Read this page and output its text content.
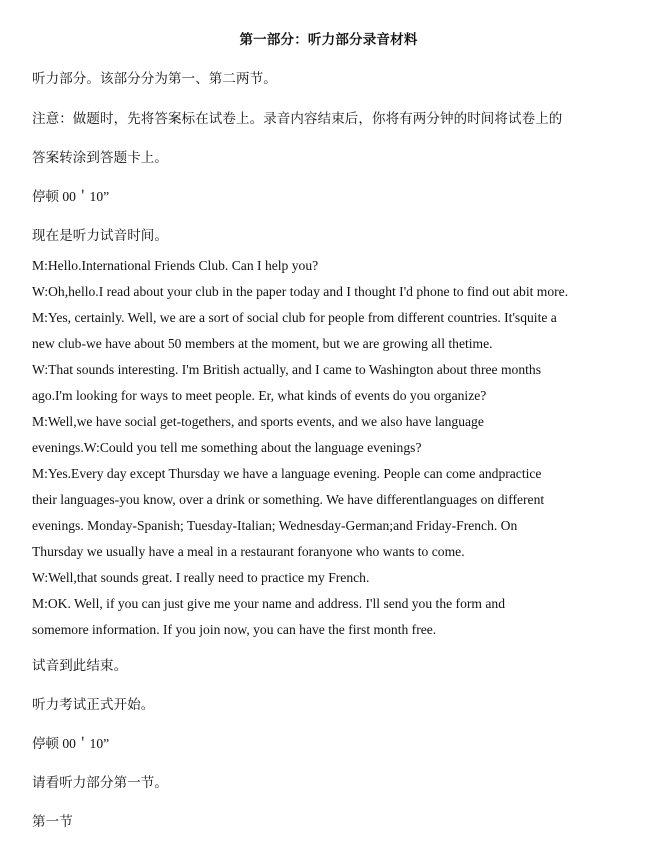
第一部分：听力部分录音材料
听力部分。该部分分为第一、第二两节。
注意：做题时，先将答案标在试卷上。录音内容结束后，你将有两分钟的时间将试卷上的
答案转涂到答题卡上。
停顿 00＇10”
现在是听力试音时间。
M:Hello.International Friends Club. Can I help you?
W:Oh,hello.I read about your club in the paper today and I thought I'd phone to find out abit more.
M:Yes, certainly. Well, we are a sort of social club for people from different countries. It'squite a
new club-we have about 50 members at the moment, but we are growing all thetime.
W:That sounds interesting. I'm British actually, and I came to Washington about three months
ago.I'm looking for ways to meet people. Er, what kinds of events do you organize?
M:Well,we have social get-togethers, and sports events, and we also have language
evenings.W:Could you tell me something about the language evenings?
M:Yes.Every day except Thursday we have a language evening. People can come andpractice
their languages-you know, over a drink or something. We have differentlanguages on different
evenings. Monday-Spanish; Tuesday-Italian; Wednesday-German;and Friday-French. On
Thursday we usually have a meal in a restaurant foranyone who wants to come.
W:Well,that sounds great. I really need to practice my French.
M:OK. Well, if you can just give me your name and address. I'll send you the form and
somemore information. If you join now, you can have the first month free.
试音到此结束。
听力考试正式开始。
停顿 00＇10”
请看听力部分第一节。
第一节
